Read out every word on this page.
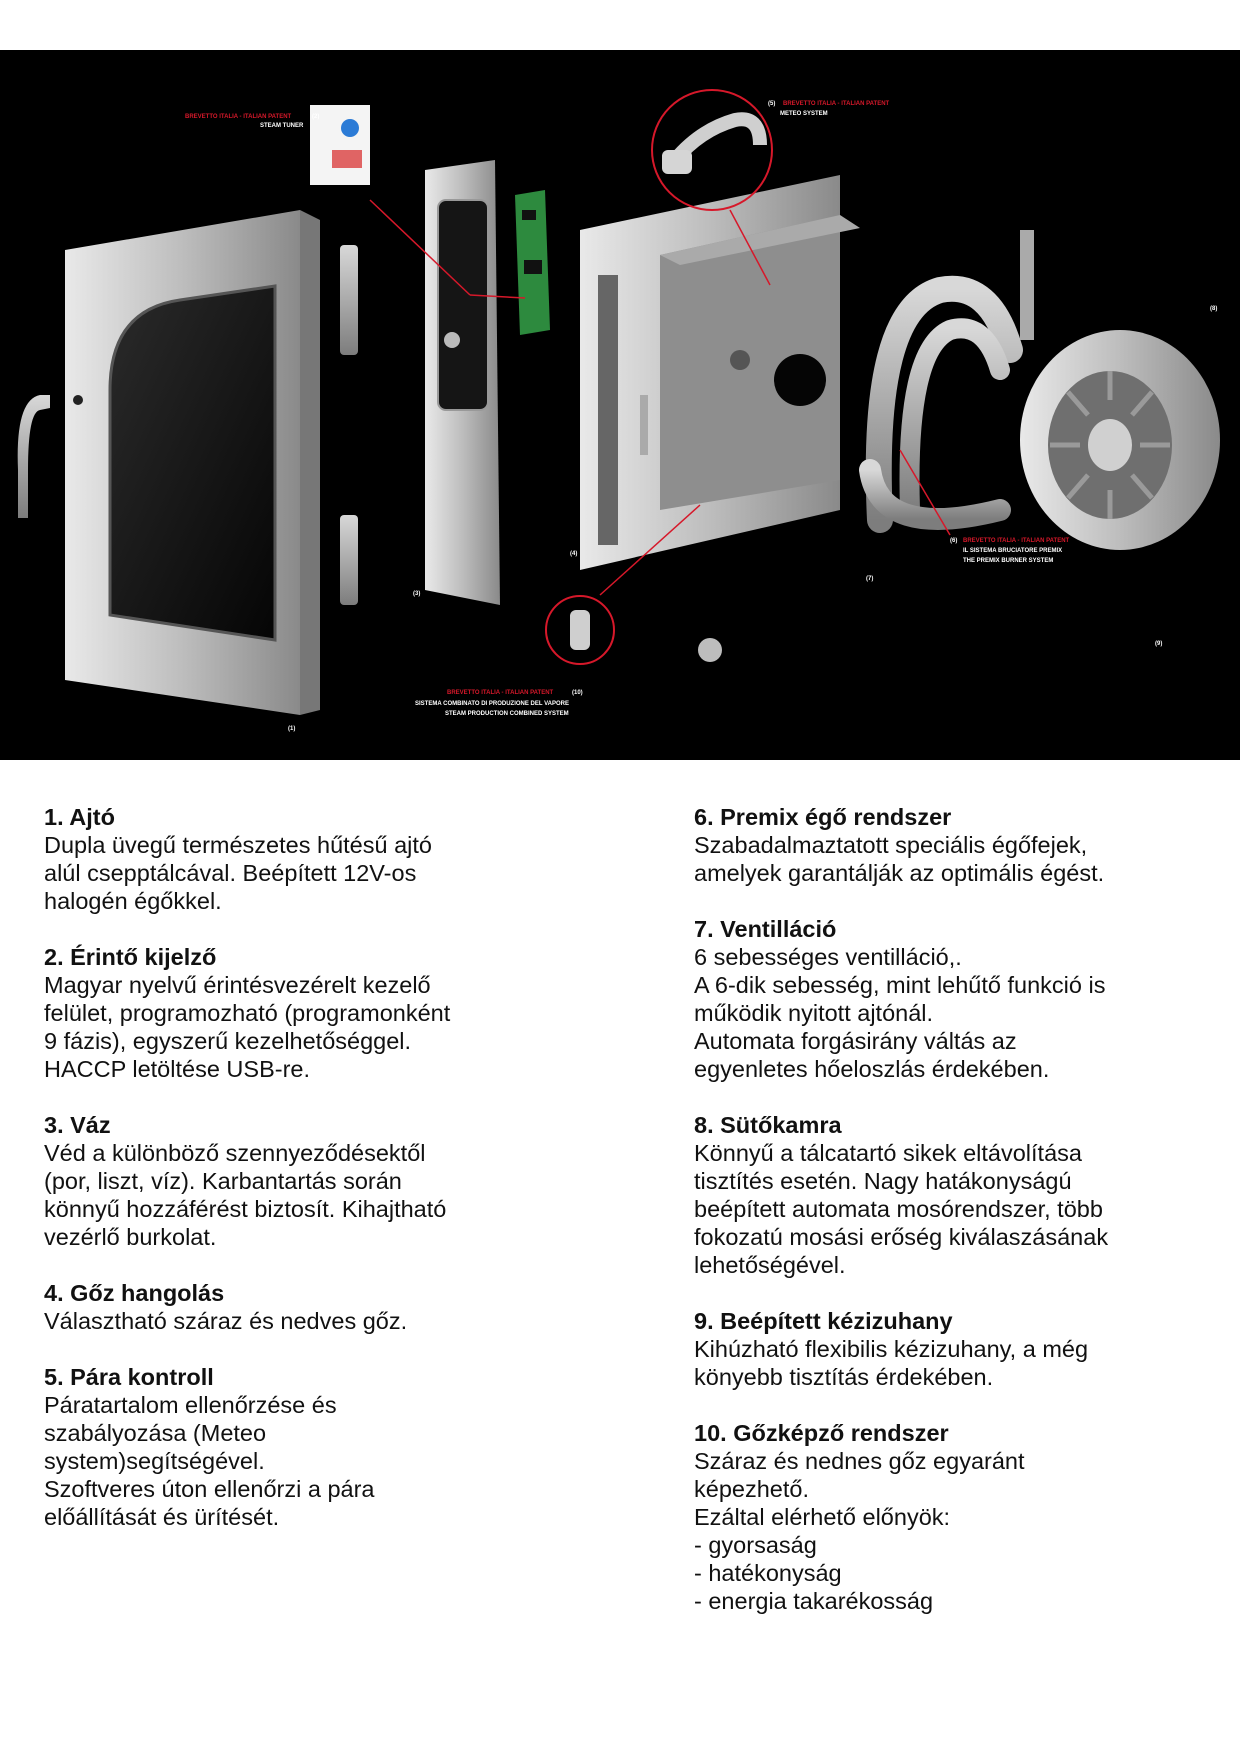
BREVETTO ITALIA - ITALIAN PATENT	(2)
STEAM TUNER
(5) BREVETTO ITALIA - ITALIAN PATENT
METEO SYSTEM
(6) BREVETTO ITALIA - ITALIAN PATENT
IL SISTEMA BRUCIATORE PREMIX
THE PREMIX BURNER SYSTEM
BREVETTO ITALIA - ITALIAN PATENT	(10)
SISTEMA COMBINATO DI PRODUZIONE DEL VAPORE
STEAM PRODUCTION COMBINED SYSTEM
(1)
(3)
(4)
(7)
(8)
(9)
1. Ajtó

Dupla üvegű természetes hűtésű ajtó

alúl csepptálcával. Beépített 12V-os

halogén égőkkel.

2. Érintő kijelző

Magyar nyelvű érintésvezérelt kezelő

felület, programozható (programonként

9 fázis), egyszerű kezelhetőséggel.

HACCP letöltése USB-re.

3. Váz

Véd a különböző szennyeződésektől

(por, liszt, víz). Karbantartás során

könnyű hozzáférést biztosít. Kihajtható

vezérlő burkolat.

4. Gőz hangolás

Választható száraz és nedves gőz.

5. Pára kontroll

Páratartalom ellenőrzése és

szabályozása (Meteo

system)segítségével.

Szoftveres úton ellenőrzi a pára

előállítását és ürítését.

6. Premix égő rendszer

Szabadalmaztatott speciális égőfejek,

amelyek garantálják az optimális égést.

7. Ventilláció

6 sebességes ventilláció,.

A 6-dik sebesség, mint lehűtő funkció is

működik nyitott ajtónál.

Automata forgásirány váltás az

egyenletes hőeloszlás érdekében.

8. Sütőkamra

Könnyű a tálcatartó sikek eltávolítása

tisztítés esetén. Nagy hatákonyságú

beépített automata mosórendszer, több

fokozatú mosási erőség kiválaszásának

lehetőségével.

9. Beépített kézizuhany

Kihúzható flexibilis kézizuhany, a még

könyebb tisztítás érdekében.

10. Gőzképző rendszer

Száraz és nednes gőz egyaránt

képezhető.

Ezáltal elérhető előnyök:

- gyorsaság

- hatékonyság

- energia takarékosság
